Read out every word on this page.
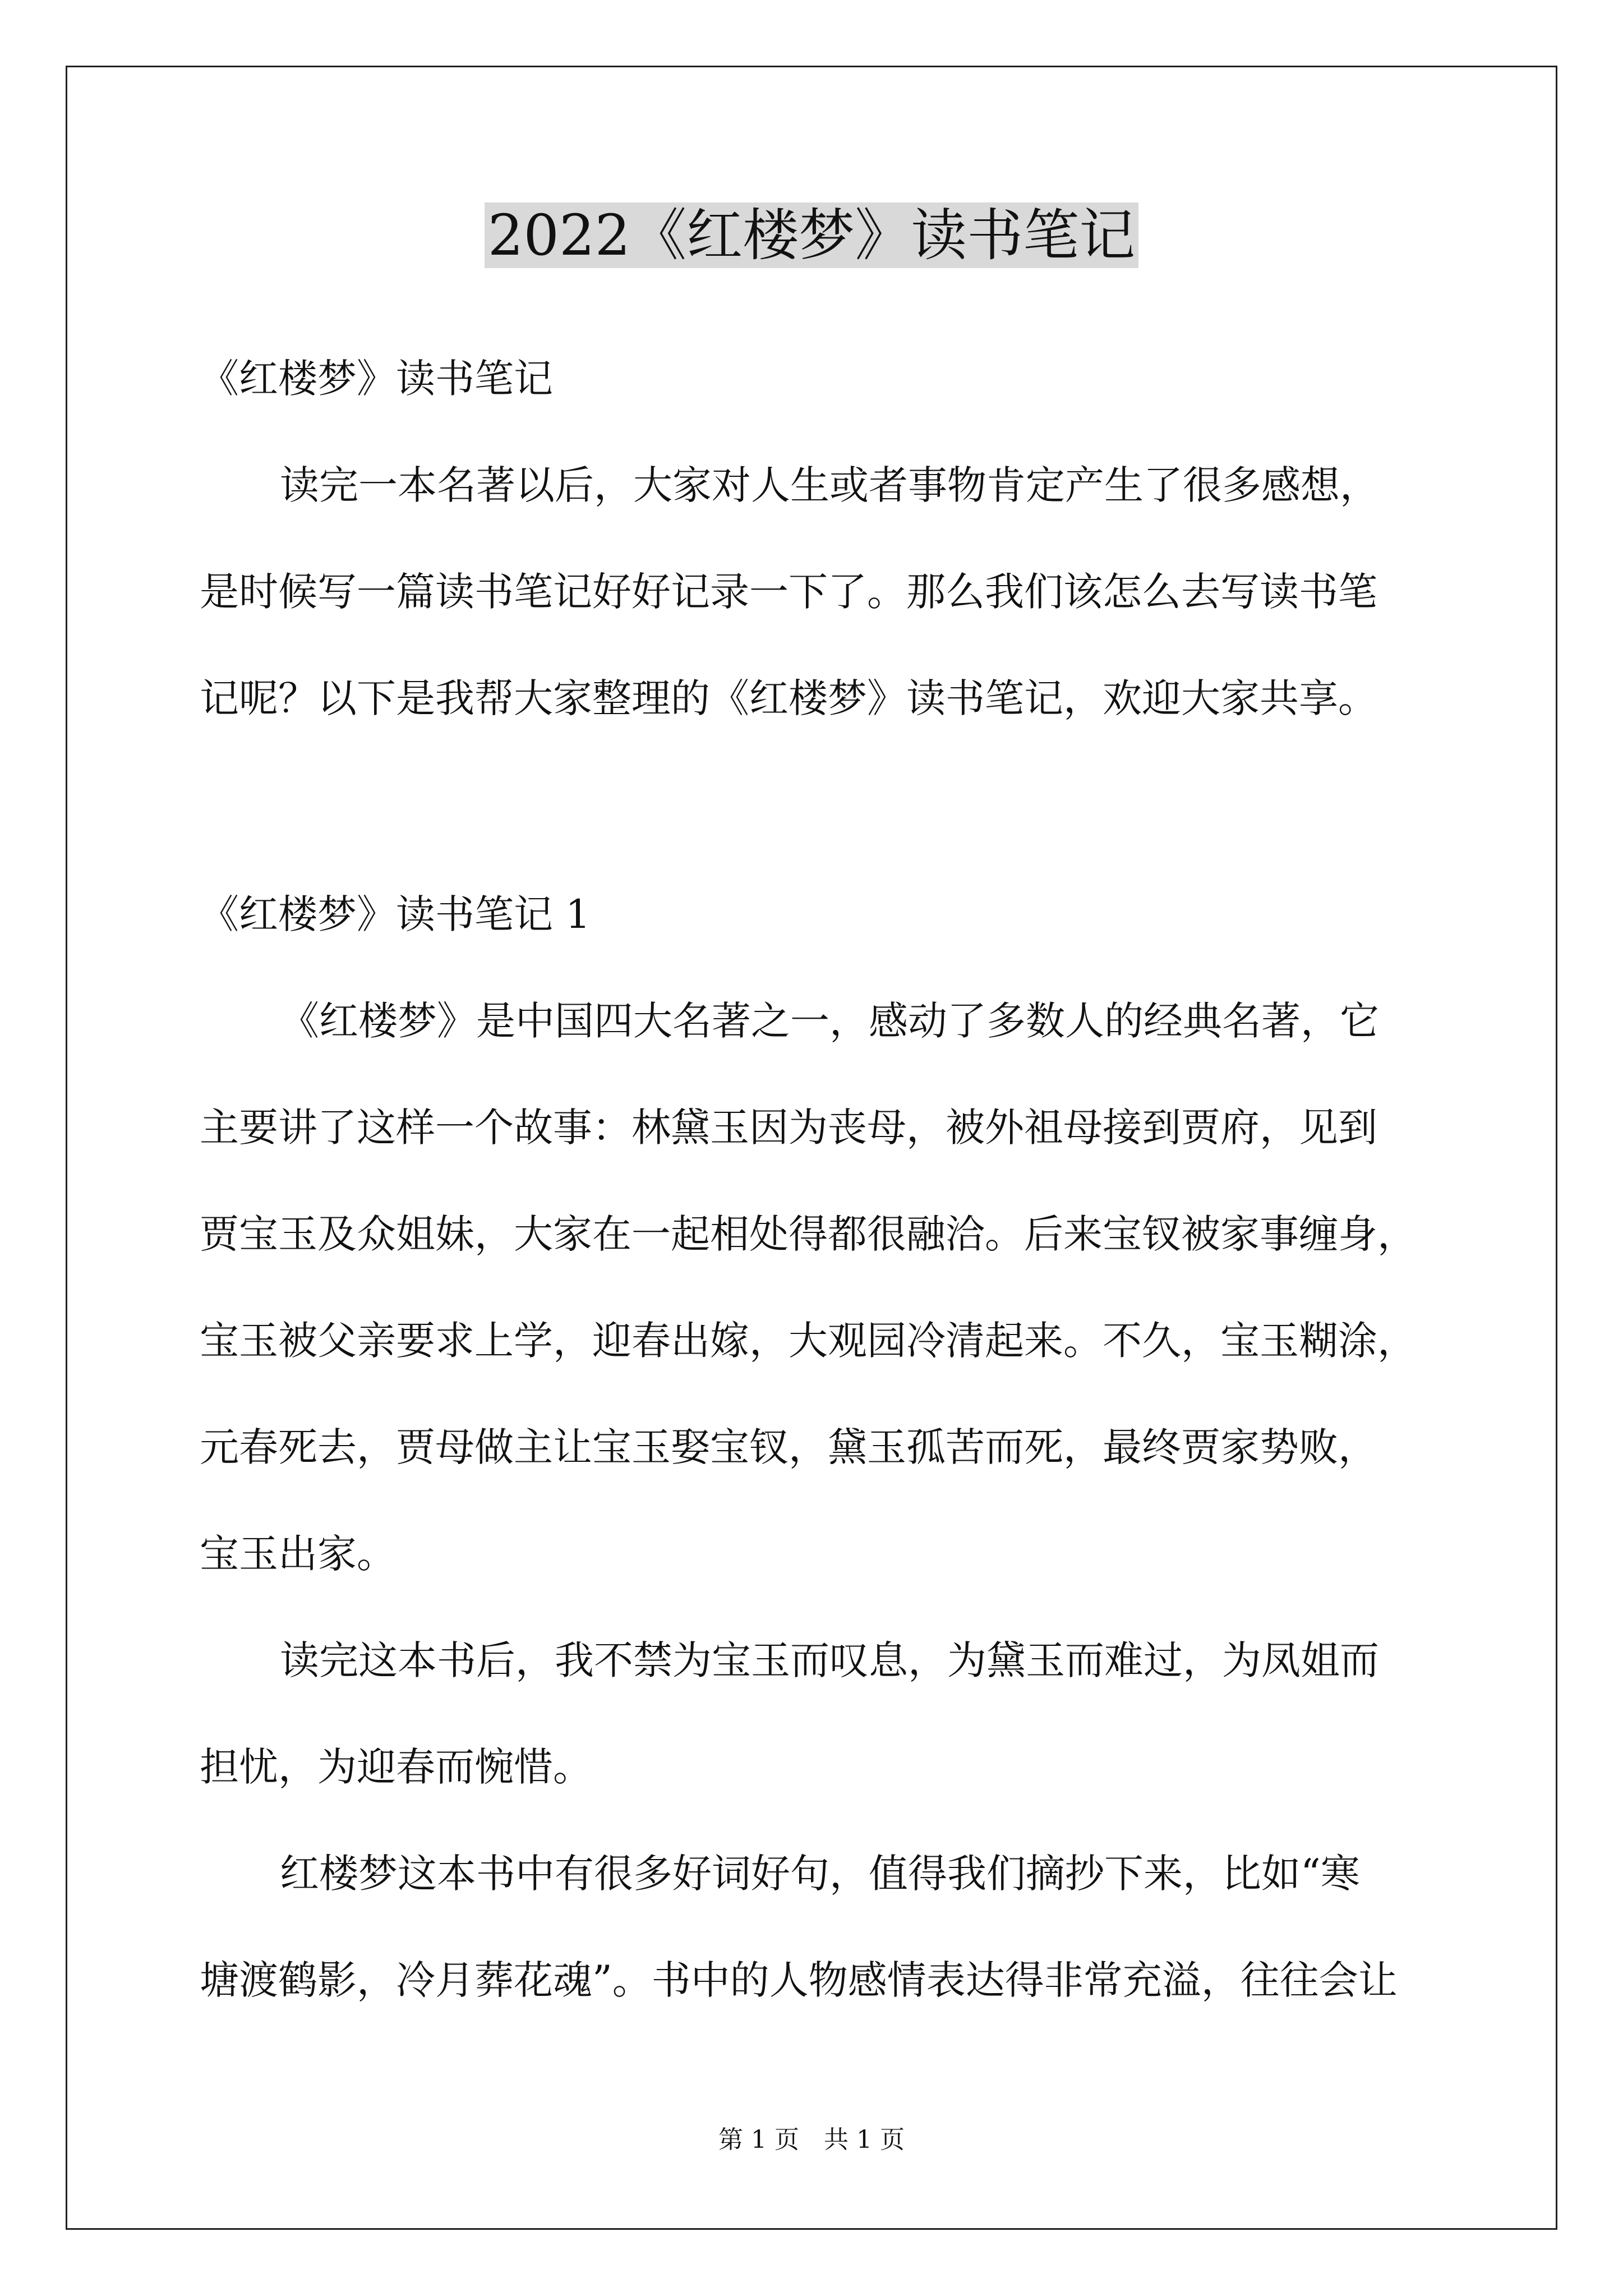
2022《红楼梦》读书笔记
《红楼梦》读书笔记
读完一本名著以后，大家对人生或者事物肯定产生了很多感想，
是时候写一篇读书笔记好好记录一下了。那么我们该怎么去写读书笔
记呢？以下是我帮大家整理的《红楼梦》读书笔记，欢迎大家共享。
《红楼梦》读书笔记 1
《红楼梦》是中国四大名著之一，感动了多数人的经典名著，它
主要讲了这样一个故事：林黛玉因为丧母，被外祖母接到贾府，见到
贾宝玉及众姐妹，大家在一起相处得都很融洽。后来宝钗被家事缠身，
宝玉被父亲要求上学，迎春出嫁，大观园冷清起来。不久，宝玉糊涂，
元春死去，贾母做主让宝玉娶宝钗，黛玉孤苦而死，最终贾家势败，
宝玉出家。
读完这本书后，我不禁为宝玉而叹息，为黛玉而难过，为凤姐而
担忧，为迎春而惋惜。
红楼梦这本书中有很多好词好句，值得我们摘抄下来，比如“寒
塘渡鹤影，冷月葬花魂”。书中的人物感情表达得非常充溢，往往会让
第 1 页 共 1 页
